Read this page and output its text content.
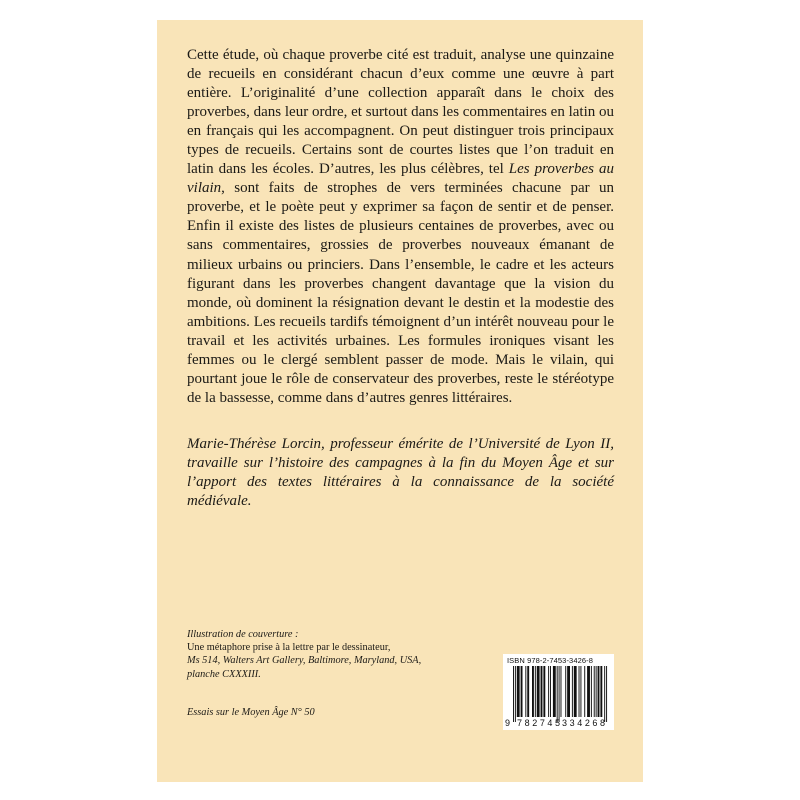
Cette étude, où chaque proverbe cité est traduit, analyse une quinzaine de recueils en considérant chacun d’eux comme une œuvre à part entière. L’originalité d’une collection apparaît dans le choix des proverbes, dans leur ordre, et surtout dans les commentaires en latin ou en français qui les accompagnent. On peut distinguer trois principaux types de recueils. Certains sont de courtes listes que l’on traduit en latin dans les écoles. D’autres, les plus célèbres, tel Les proverbes au vilain, sont faits de strophes de vers terminées chacune par un proverbe, et le poète peut y exprimer sa façon de sentir et de penser. Enfin il existe des listes de plusieurs centaines de proverbes, avec ou sans commentaires, grossies de proverbes nouveaux émanant de milieux urbains ou princiers. Dans l’ensemble, le cadre et les acteurs figurant dans les proverbes changent davantage que la vision du monde, où dominent la résignation devant le destin et la modestie des ambitions. Les recueils tardifs témoignent d’un intérêt nouveau pour le travail et les activités urbaines. Les formules ironiques visant les femmes ou le clergé semblent passer de mode. Mais le vilain, qui pourtant joue le rôle de conservateur des proverbes, reste le stéréotype de la bassesse, comme dans d’autres genres littéraires.

Marie-Thérèse Lorcin, professeur émérite de l’Université de Lyon II, travaille sur l’histoire des campagnes à la fin du Moyen Âge et sur l’apport des textes littéraires à la connaissance de la société médiévale.

Illustration de couverture :
Une métaphore prise à la lettre par le dessinateur,
Ms 514, Walters Art Gallery, Baltimore, Maryland, USA,
planche CXXXIII.

Essais sur le Moyen Âge N° 50
ISBN 978-2-7453-3426-8
9 782745 334268
